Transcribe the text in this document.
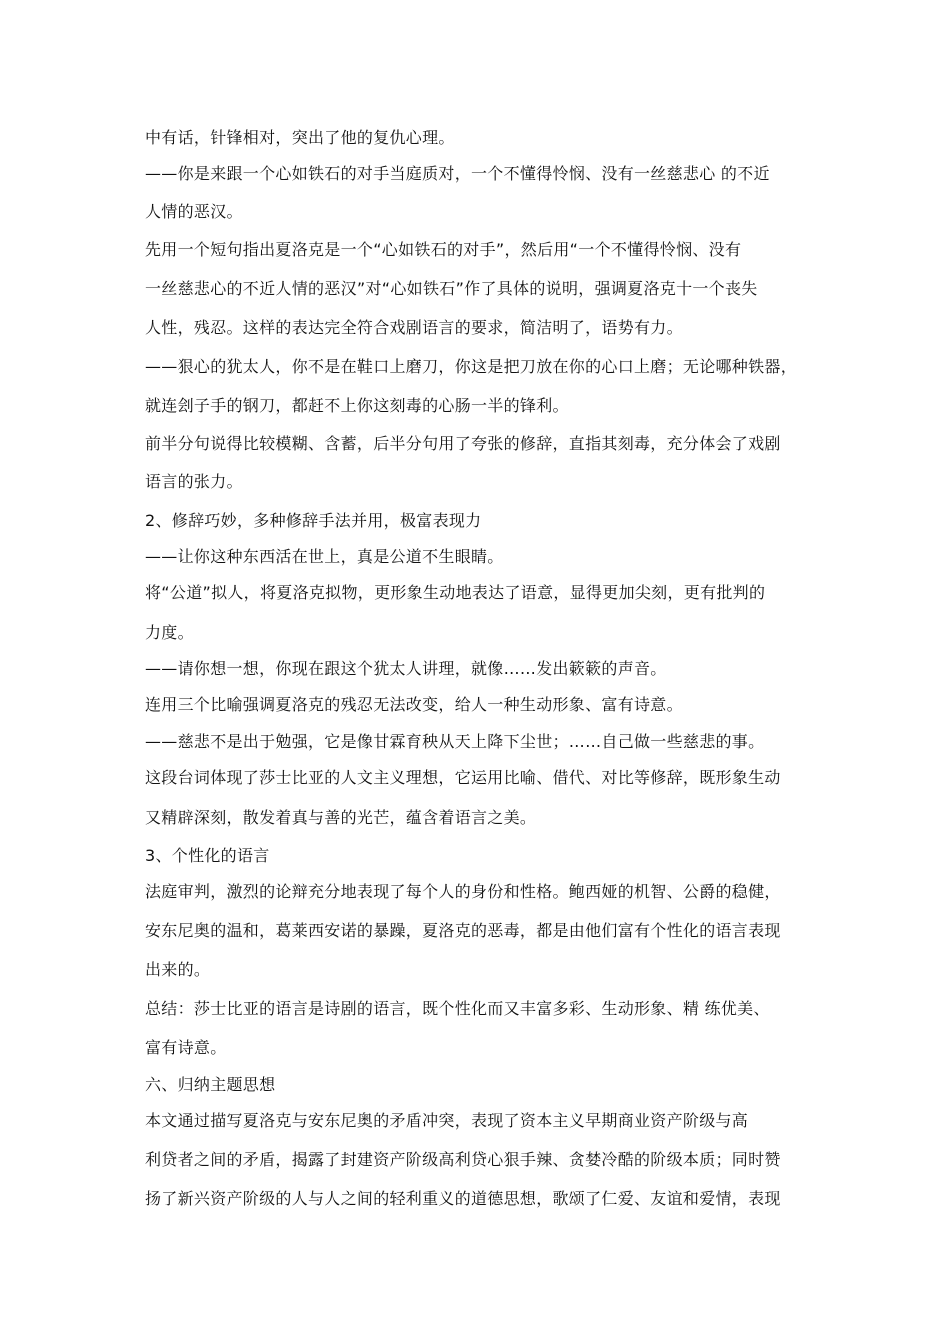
中有话，针锋相对，突出了他的复仇心理。
——你是来跟一个心如铁石的对手当庭质对，一个不懂得怜悯、没有一丝慈悲心 的不近
人情的恶汉。
先用一个短句指出夏洛克是一个“心如铁石的对手”，然后用“一个不懂得怜悯、没有
一丝慈悲心的不近人情的恶汉”对“心如铁石”作了具体的说明，强调夏洛克十一个丧失
人性，残忍。这样的表达完全符合戏剧语言的要求，简洁明了，语势有力。
——狠心的犹太人，你不是在鞋口上磨刀，你这是把刀放在你的心口上磨；无论哪种铁器，
就连刽子手的钢刀，都赶不上你这刻毒的心肠一半的锋利。
前半分句说得比较模糊、含蓄，后半分句用了夸张的修辞，直指其刻毒，充分体会了戏剧
语言的张力。
2、修辞巧妙，多种修辞手法并用，极富表现力
——让你这种东西活在世上，真是公道不生眼睛。
将“公道”拟人，将夏洛克拟物，更形象生动地表达了语意，显得更加尖刻，更有批判的
力度。
——请你想一想，你现在跟这个犹太人讲理，就像……发出簌簌的声音。
连用三个比喻强调夏洛克的残忍无法改变，给人一种生动形象、富有诗意。
——慈悲不是出于勉强，它是像甘霖育秧从天上降下尘世；……自己做一些慈悲的事。
这段台词体现了莎士比亚的人文主义理想，它运用比喻、借代、对比等修辞，既形象生动
又精辟深刻，散发着真与善的光芒，蕴含着语言之美。
3、个性化的语言
法庭审判，激烈的论辩充分地表现了每个人的身份和性格。鲍西娅的机智、公爵的稳健，
安东尼奥的温和，葛莱西安诺的暴躁，夏洛克的恶毒，都是由他们富有个性化的语言表现
出来的。
总结：莎士比亚的语言是诗剧的语言，既个性化而又丰富多彩、生动形象、精 练优美、
富有诗意。
六、归纳主题思想
本文通过描写夏洛克与安东尼奥的矛盾冲突，表现了资本主义早期商业资产阶级与高
利贷者之间的矛盾，揭露了封建资产阶级高利贷心狠手辣、贪婪冷酷的阶级本质；同时赞
扬了新兴资产阶级的人与人之间的轻利重义的道德思想，歌颂了仁爱、友谊和爱情，表现
